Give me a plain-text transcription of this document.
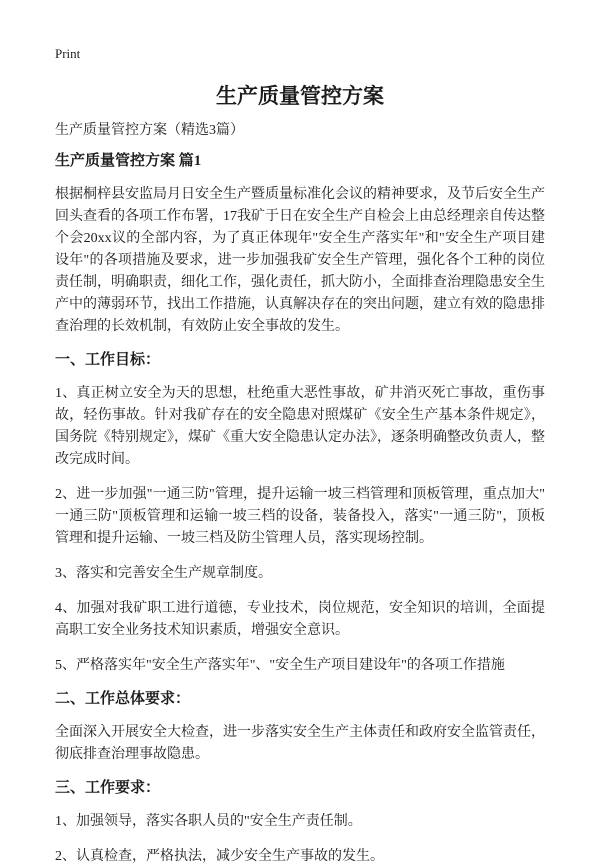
Print
生产质量管控方案

生产质量管控方案（精选3篇）

生产质量管控方案 篇1

根据桐梓县安监局月日安全生产暨质量标准化会议的精神要求，及节后安全生产回头查看的各项工作布署，17我矿于日在安全生产自检会上由总经理亲自传达整个会20xx议的全部内容，为了真正体现年"安全生产落实年"和"安全生产项目建设年"的各项措施及要求，进一步加强我矿安全生产管理，强化各个工种的岗位责任制，明确职责，细化工作，强化责任，抓大防小，全面排查治理隐患安全生产中的薄弱环节，找出工作措施，认真解决存在的突出问题，建立有效的隐患排查治理的长效机制，有效防止安全事故的发生。

一、工作目标：

1、真正树立安全为天的思想，杜绝重大恶性事故，矿井消灭死亡事故，重伤事故，轻伤事故。针对我矿存在的安全隐患对照煤矿《安全生产基本条件规定》，国务院《特别规定》，煤矿《重大安全隐患认定办法》，逐条明确整改负责人，整改完成时间。

2、进一步加强"一通三防"管理，提升运输一坡三档管理和顶板管理，重点加大"一通三防"顶板管理和运输一坡三档的设备，装备投入，落实"一通三防"，顶板管理和提升运输、一坡三档及防尘管理人员，落实现场控制。

3、落实和完善安全生产规章制度。

4、加强对我矿职工进行道德，专业技术，岗位规范，安全知识的培训，全面提高职工安全业务技术知识素质，增强安全意识。

5、严格落实年"安全生产落实年"、"安全生产项目建设年"的各项工作措施

二、工作总体要求：

全面深入开展安全大检查，进一步落实安全生产主体责任和政府安全监管责任，彻底排查治理事故隐患。

三、工作要求：

1、加强领导，落实各职人员的"安全生产责任制。

2、认真检查，严格执法，减少安全生产事故的发生。
